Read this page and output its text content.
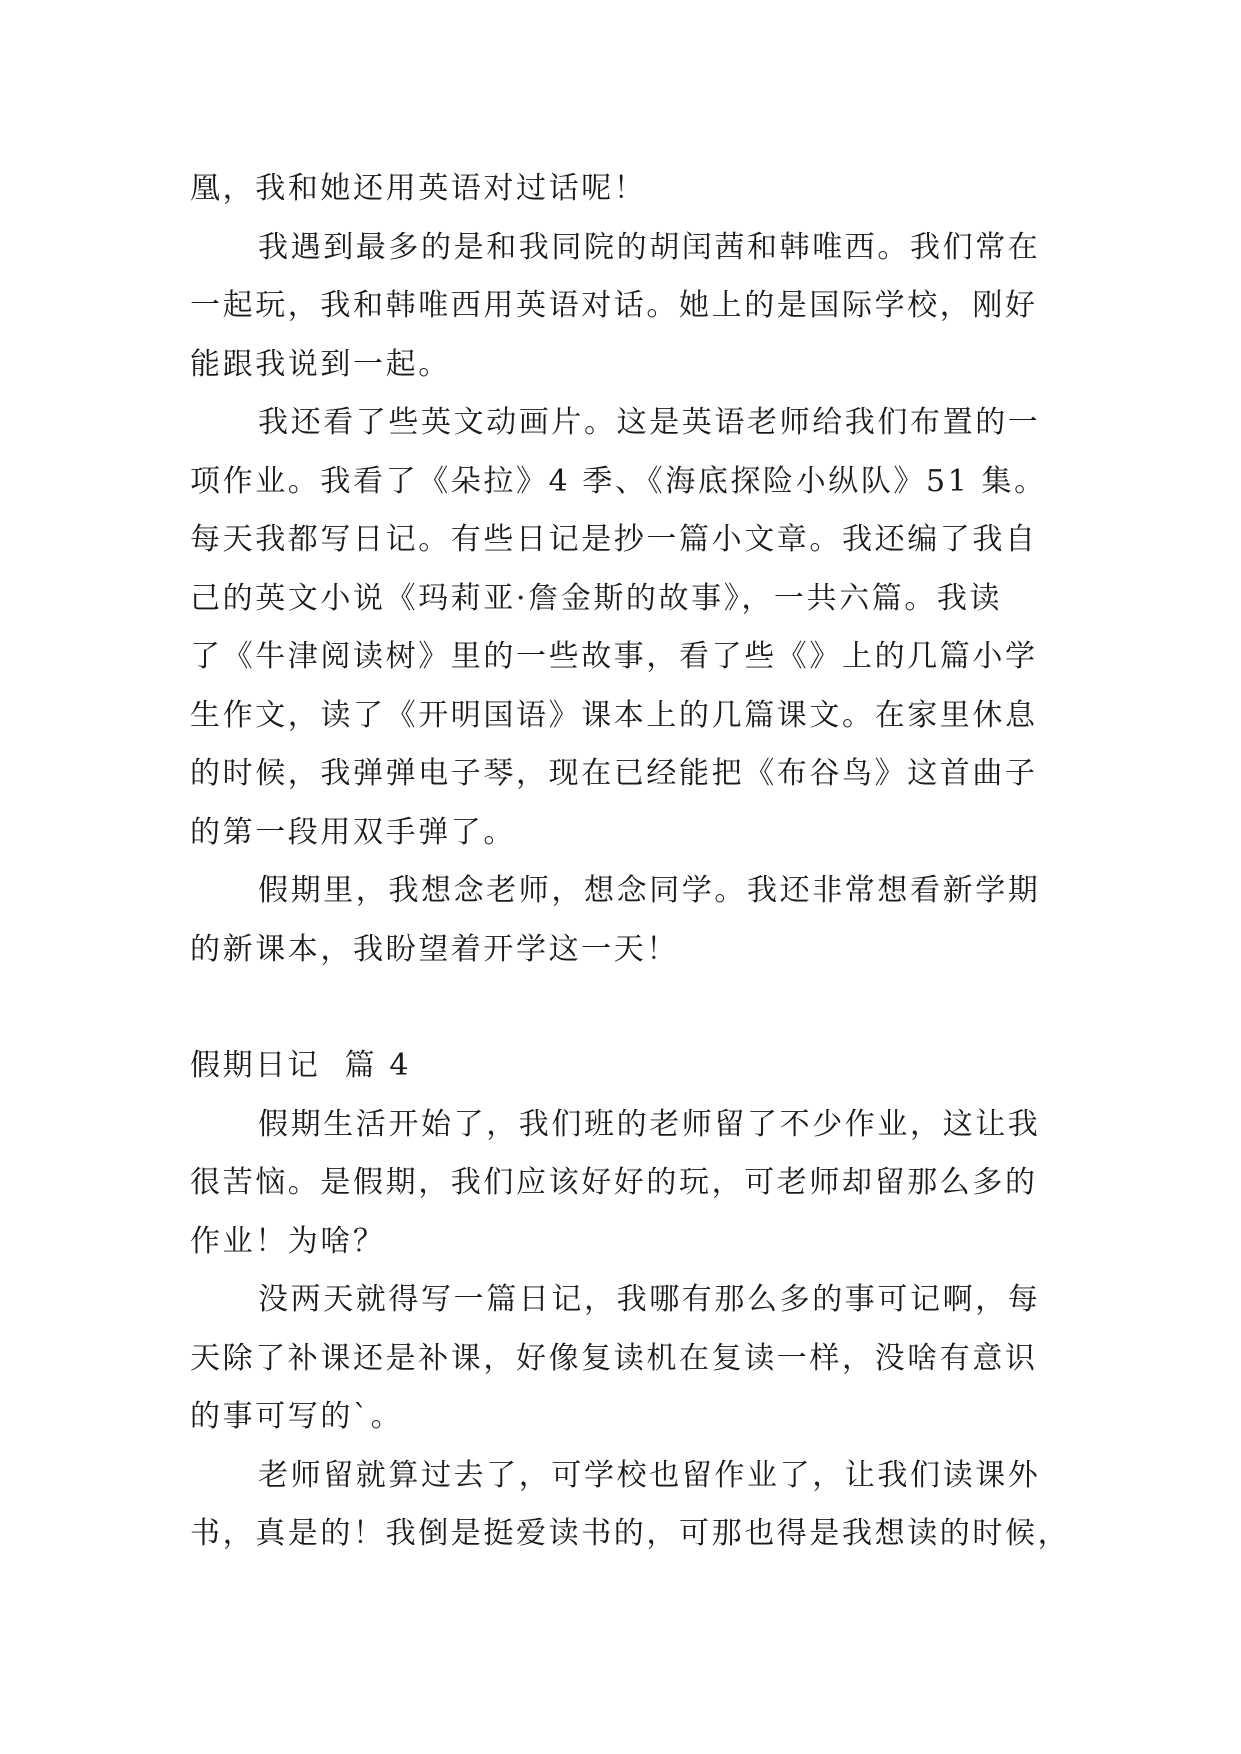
凰，我和她还用英语对过话呢！
我遇到最多的是和我同院的胡闰茜和韩唯西。我们常在
一起玩，我和韩唯西用英语对话。她上的是国际学校，刚好
能跟我说到一起。
我还看了些英文动画片。这是英语老师给我们布置的一
项作业。我看了《朵拉》4 季、《海底探险小纵队》51 集。
每天我都写日记。有些日记是抄一篇小文章。我还编了我自
己的英文小说《玛莉亚·詹金斯的故事》，一共六篇。我读
了《牛津阅读树》里的一些故事，看了些《》上的几篇小学
生作文，读了《开明国语》课本上的几篇课文。在家里休息
的时候，我弹弹电子琴，现在已经能把《布谷鸟》这首曲子
的第一段用双手弹了。
假期里，我想念老师，想念同学。我还非常想看新学期
的新课本，我盼望着开学这一天！
假期日记  篇 4
假期生活开始了，我们班的老师留了不少作业，这让我
很苦恼。是假期，我们应该好好的玩，可老师却留那么多的
作业！为啥？
没两天就得写一篇日记，我哪有那么多的事可记啊，每
天除了补课还是补课，好像复读机在复读一样，没啥有意识
的事可写的`。
老师留就算过去了，可学校也留作业了，让我们读课外
书，真是的！我倒是挺爱读书的，可那也得是我想读的时候，
